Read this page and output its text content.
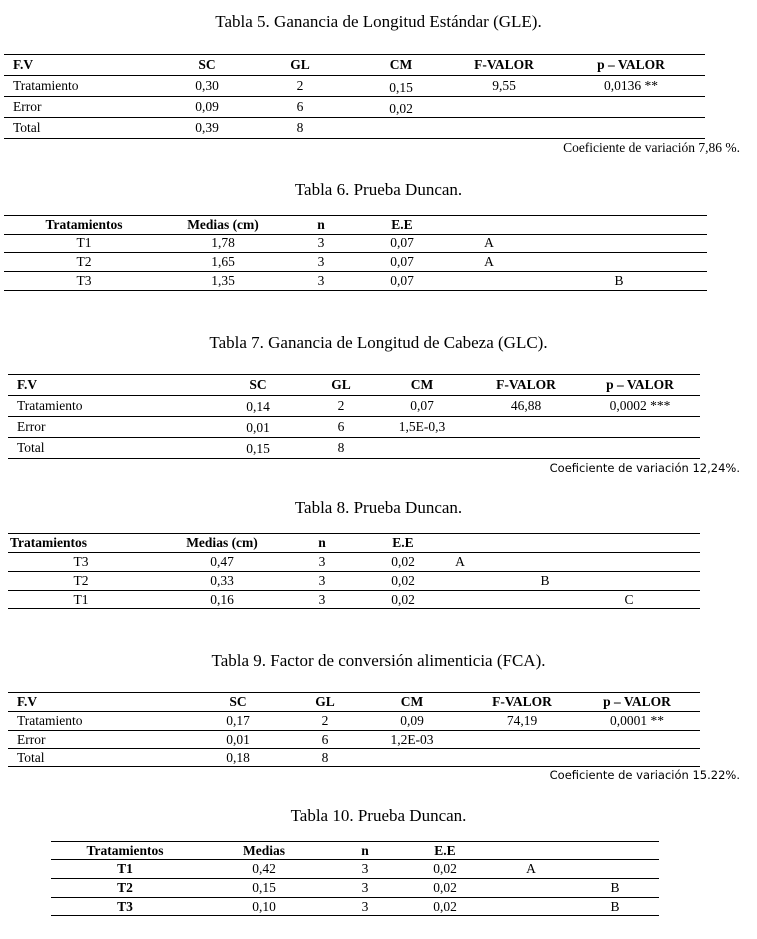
Tabla 5. Ganancia de Longitud Estándar (GLE).
F.V	SC	GL	CM	F-VALOR	p – VALOR
Tratamiento	0,30	2	0,15	9,55	0,0136 **
Error	0,09	6	0,02
Total	0,39	8
Coeficiente de variación 7,86 %.
Tabla 6. Prueba Duncan.
Tratamientos	Medias (cm)	n	E.E
T1	1,78	3	0,07	A
T2	1,65	3	0,07	A
T3	1,35	3	0,07	B
Tabla 7. Ganancia de Longitud de Cabeza (GLC).
F.V	SC	GL	CM	F-VALOR	p – VALOR
Tratamiento	0,14	2	0,07	46,88	0,0002 ***
Error	0,01	6	1,5E-0,3
Total	0,15	8
Coeficiente de variación 12,24%.
Tabla 8. Prueba Duncan.
Tratamientos	Medias (cm)	n	E.E
T3	0,47	3	0,02	A
T2	0,33	3	0,02	B
T1	0,16	3	0,02	C
Tabla 9. Factor de conversión alimenticia (FCA).
F.V	SC	GL	CM	F-VALOR	p – VALOR
Tratamiento	0,17	2	0,09	74,19	0,0001 **
Error	0,01	6	1,2E-03
Total	0,18	8
Coeficiente de variación 15.22%.
Tabla 10. Prueba Duncan.
Tratamientos	Medias	n	E.E
T1	0,42	3	0,02	A
T2	0,15	3	0,02	B
T3	0,10	3	0,02	B
